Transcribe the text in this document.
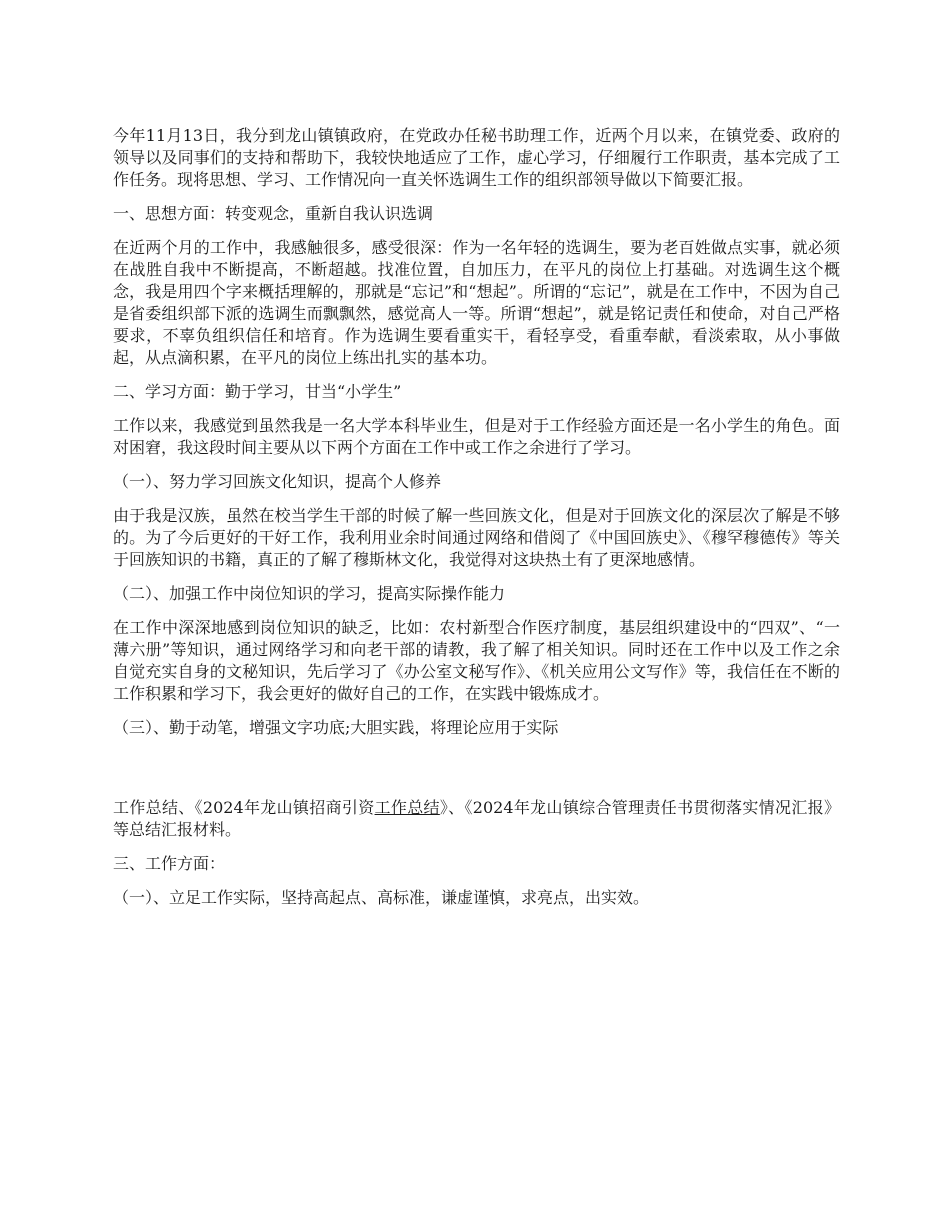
今年11月13日，我分到龙山镇镇政府，在党政办任秘书助理工作，近两个月以来，在镇党委、政府的领导以及同事们的支持和帮助下，我较快地适应了工作，虚心学习，仔细履行工作职责，基本完成了工作任务。现将思想、学习、工作情况向一直关怀选调生工作的组织部领导做以下简要汇报。

一、思想方面：转变观念，重新自我认识选调

在近两个月的工作中，我感触很多，感受很深：作为一名年轻的选调生，要为老百姓做点实事，就必须在战胜自我中不断提高，不断超越。找准位置，自加压力，在平凡的岗位上打基础。对选调生这个概念，我是用四个字来概括理解的，那就是“忘记”和“想起”。所谓的“忘记”，就是在工作中，不因为自己是省委组织部下派的选调生而飘飘然，感觉高人一等。所谓“想起”，就是铭记责任和使命，对自己严格要求，不辜负组织信任和培育。作为选调生要看重实干，看轻享受，看重奉献，看淡索取，从小事做起，从点滴积累，在平凡的岗位上练出扎实的基本功。

二、学习方面：勤于学习，甘当“小学生”

工作以来，我感觉到虽然我是一名大学本科毕业生，但是对于工作经验方面还是一名小学生的角色。面对困窘，我这段时间主要从以下两个方面在工作中或工作之余进行了学习。

（一）、努力学习回族文化知识，提高个人修养

由于我是汉族，虽然在校当学生干部的时候了解一些回族文化，但是对于回族文化的深层次了解是不够的。为了今后更好的干好工作，我利用业余时间通过网络和借阅了《中国回族史》、《穆罕穆德传》等关于回族知识的书籍，真正的了解了穆斯林文化，我觉得对这块热土有了更深地感情。

（二）、加强工作中岗位知识的学习，提高实际操作能力

在工作中深深地感到岗位知识的缺乏，比如：农村新型合作医疗制度，基层组织建设中的“四双”、“一薄六册”等知识，通过网络学习和向老干部的请教，我了解了相关知识。同时还在工作中以及工作之余自觉充实自身的文秘知识，先后学习了《办公室文秘写作》、《机关应用公文写作》等，我信任在不断的工作积累和学习下，我会更好的做好自己的工作，在实践中锻炼成才。

（三）、勤于动笔，增强文字功底;大胆实践，将理论应用于实际

工作总结、《2024年龙山镇招商引资工作总结》、《2024年龙山镇综合管理责任书贯彻落实情况汇报》等总结汇报材料。

三、工作方面：

（一）、立足工作实际，坚持高起点、高标准，谦虚谨慎，求亮点，出实效。
